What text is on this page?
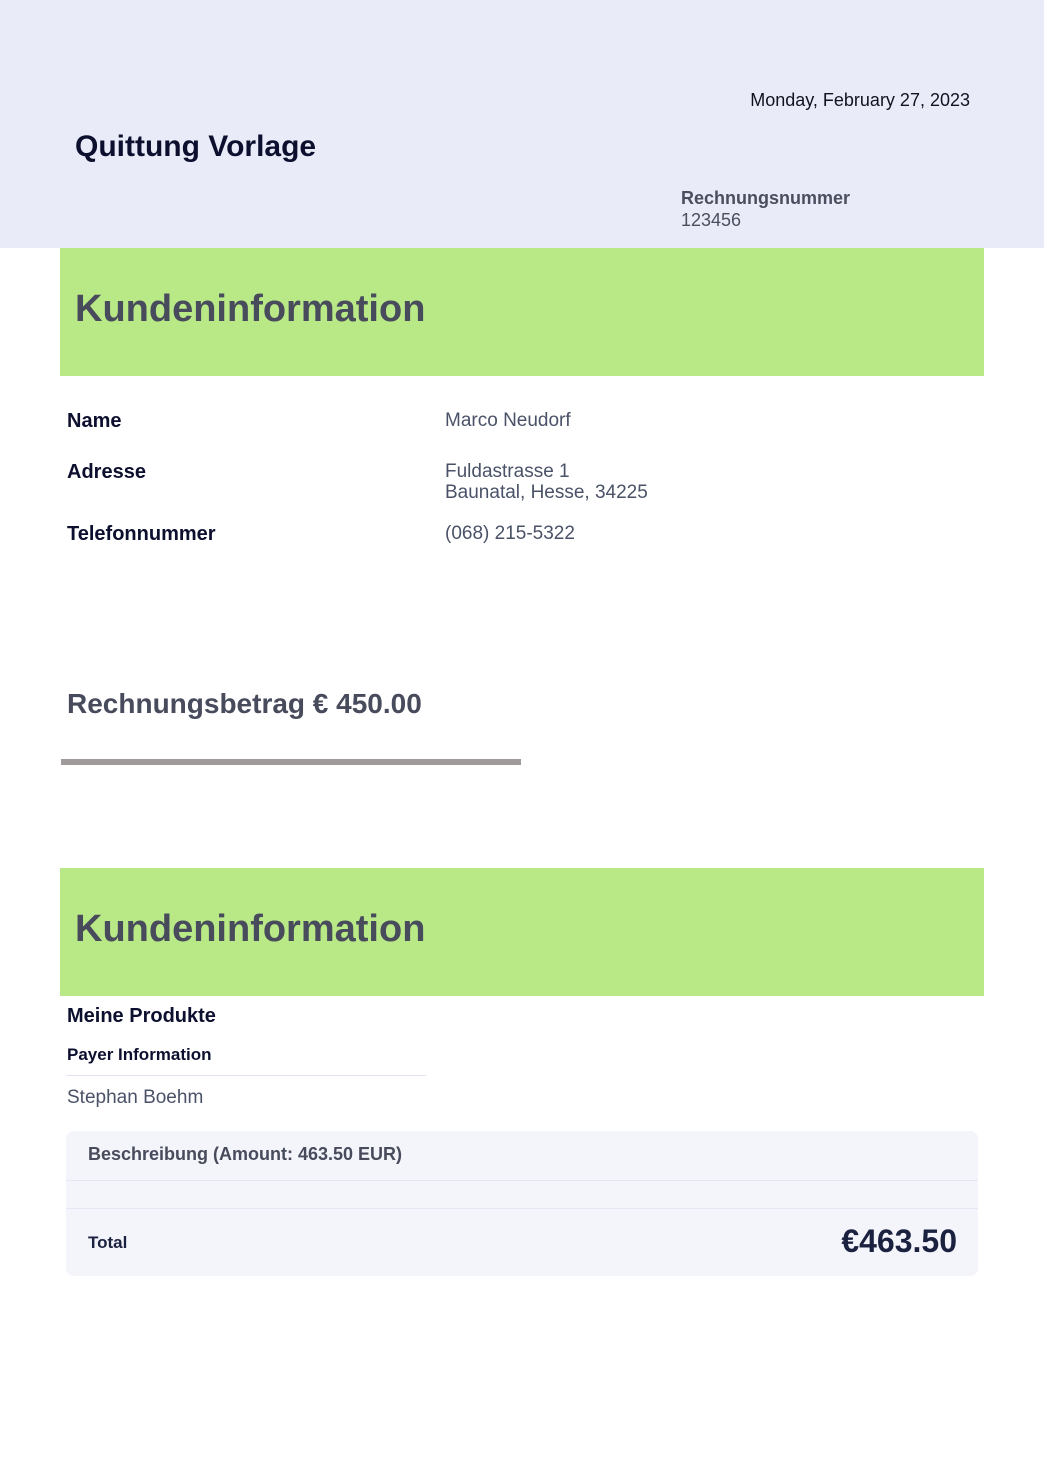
Monday, February 27, 2023
Quittung Vorlage
Rechnungsnummer
123456
Kundeninformation
Name	Marco Neudorf
Adresse	Fuldastrasse 1
Baunatal, Hesse, 34225
Telefonnummer	(068) 215-5322
Rechnungsbetrag € 450.00
Kundeninformation
Meine Produkte
Payer Information
Stephan Boehm
Beschreibung (Amount: 463.50 EUR)
Total	€463.50
